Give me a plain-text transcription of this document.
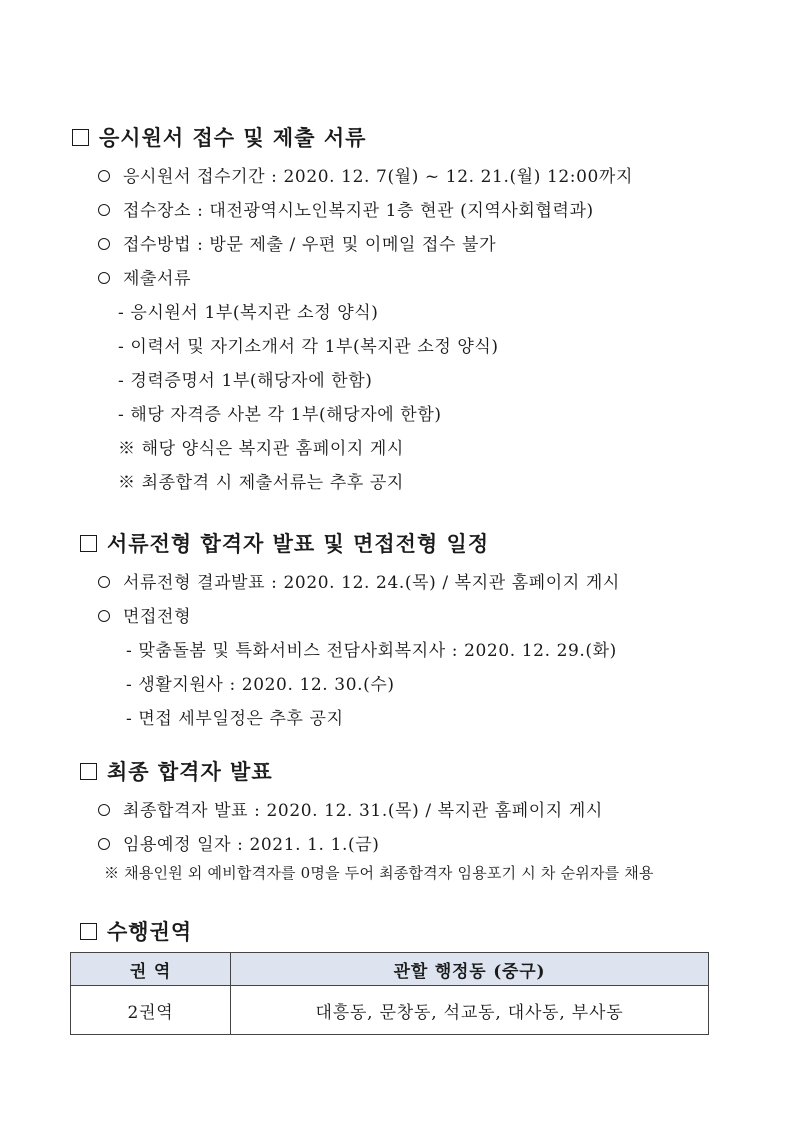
응시원서 접수 및 제출 서류
응시원서 접수기간 : 2020. 12. 7(월) ~ 12. 21.(월) 12:00까지
접수장소 : 대전광역시노인복지관 1층 현관 (지역사회협력과)
접수방법 : 방문 제출 / 우편 및 이메일 접수 불가
제출서류
- 응시원서 1부(복지관 소정 양식)
- 이력서 및 자기소개서 각 1부(복지관 소정 양식)
- 경력증명서 1부(해당자에 한함)
- 해당 자격증 사본 각 1부(해당자에 한함)
※ 해당 양식은 복지관 홈페이지 게시
※ 최종합격 시 제출서류는 추후 공지
서류전형 합격자 발표 및 면접전형 일정
서류전형 결과발표 : 2020. 12. 24.(목) / 복지관 홈페이지 게시
면접전형
- 맞춤돌봄 및 특화서비스 전담사회복지사 : 2020. 12. 29.(화)
- 생활지원사 : 2020. 12. 30.(수)
- 면접 세부일정은 추후 공지
최종 합격자 발표
최종합격자 발표 : 2020. 12. 31.(목) / 복지관 홈페이지 게시
임용예정 일자 : 2021. 1. 1.(금)
※ 채용인원 외 예비합격자를 0명을 두어 최종합격자 임용포기 시 차 순위자를 채용
수행권역
권 역	관할 행정동 (중구)
2권역	대흥동, 문창동, 석교동, 대사동, 부사동
